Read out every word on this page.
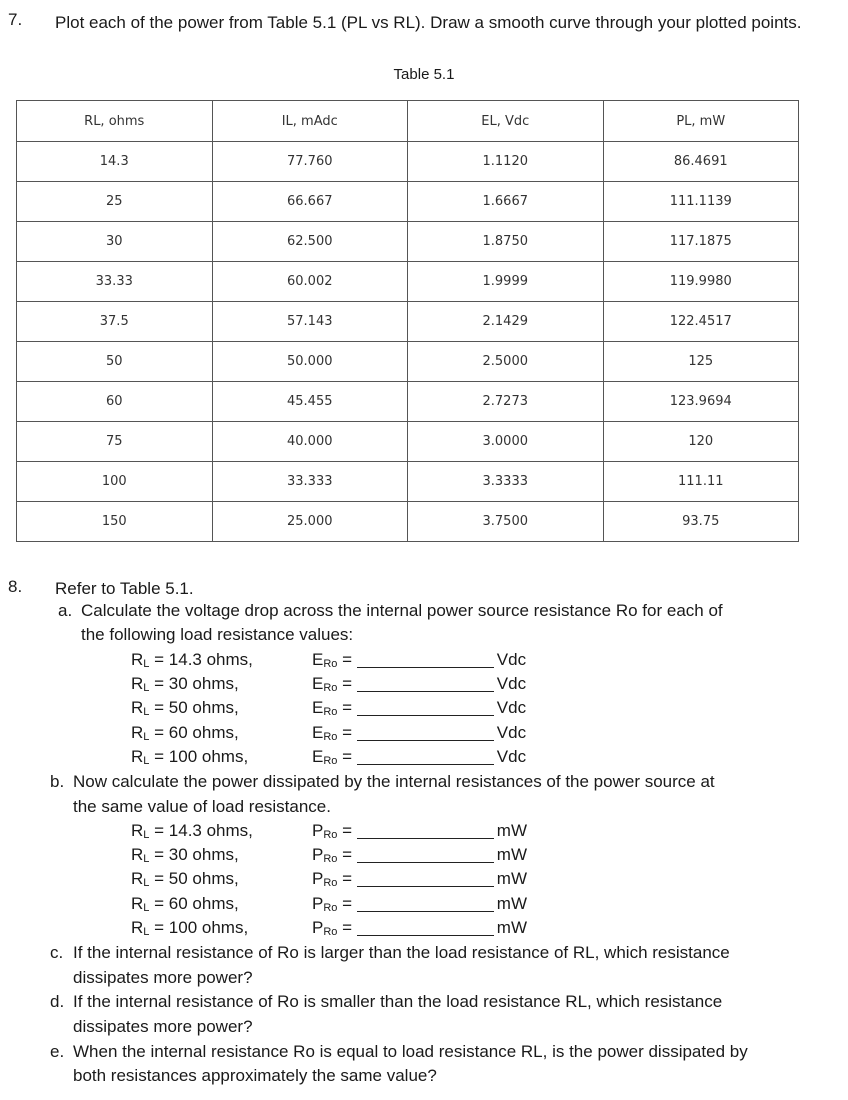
7. Plot each of the power from Table 5.1 (PL vs RL). Draw a smooth curve through your plotted points.
Table 5.1
RL, ohms	IL, mAdc	EL, Vdc	PL, mW
14.3	77.760	1.1120	86.4691
25	66.667	1.6667	111.1139
30	62.500	1.8750	117.1875
33.33	60.002	1.9999	119.9980
37.5	57.143	2.1429	122.4517
50	50.000	2.5000	125
60	45.455	2.7273	123.9694
75	40.000	3.0000	120
100	33.333	3.3333	111.11
150	25.000	3.7500	93.75
8. Refer to Table 5.1.
a. Calculate the voltage drop across the internal power source resistance Ro for each of
the following load resistance values:
RL = 14.3 ohms,	ERo =	Vdc
RL = 30 ohms,	ERo =	Vdc
RL = 50 ohms,	ERo =	Vdc
RL = 60 ohms,	ERo =	Vdc
RL = 100 ohms,	ERo =	Vdc
b. Now calculate the power dissipated by the internal resistances of the power source at
the same value of load resistance.
RL = 14.3 ohms,	PRo =	mW
RL = 30 ohms,	PRo =	mW
RL = 50 ohms,	PRo =	mW
RL = 60 ohms,	PRo =	mW
RL = 100 ohms,	PRo =	mW
c. If the internal resistance of Ro is larger than the load resistance of RL, which resistance
dissipates more power?
d. If the internal resistance of Ro is smaller than the load resistance RL, which resistance
dissipates more power?
e. When the internal resistance Ro is equal to load resistance RL, is the power dissipated by
both resistances approximately the same value?
